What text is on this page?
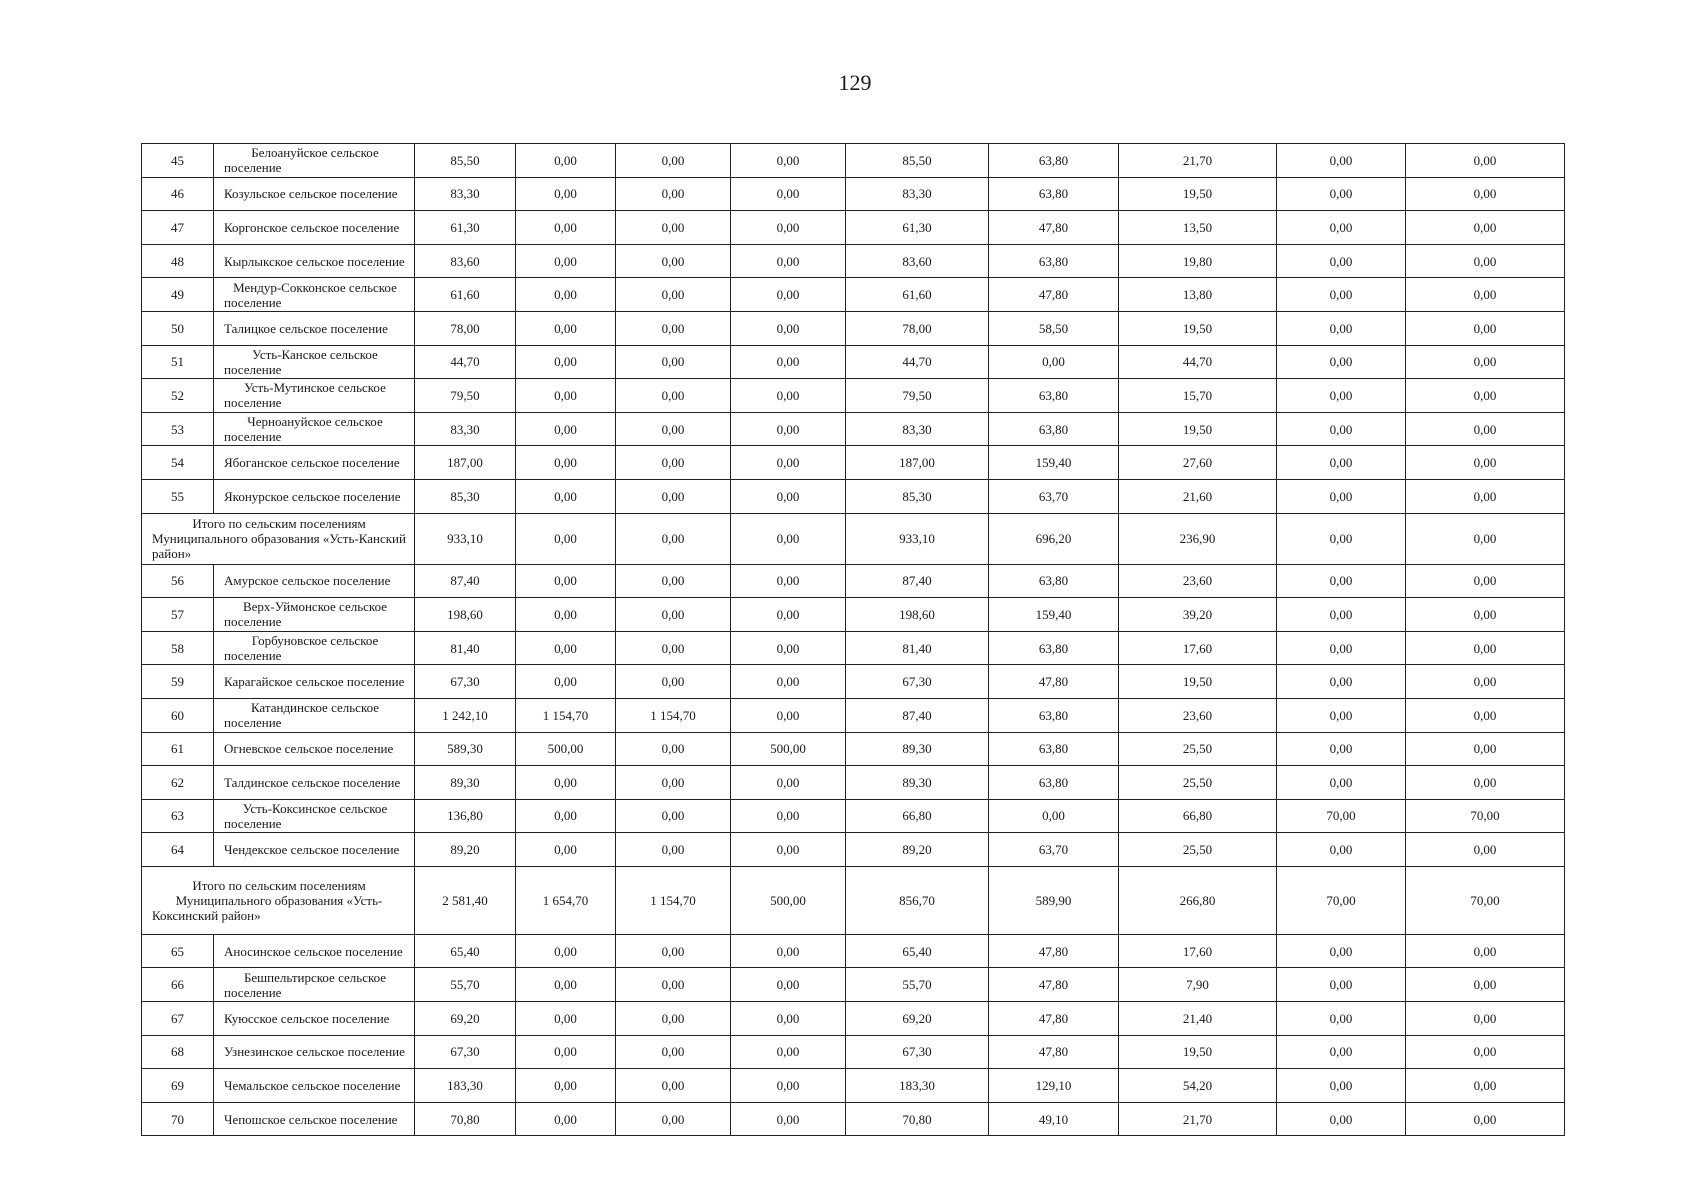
129
45	Белоануйское сельское поселение	85,50	0,00	0,00	0,00	85,50	63,80	21,70	0,00	0,00
46	Козульское сельское поселение	83,30	0,00	0,00	0,00	83,30	63,80	19,50	0,00	0,00
47	Коргонское сельское поселение	61,30	0,00	0,00	0,00	61,30	47,80	13,50	0,00	0,00
48	Кырлыкское сельское поселение	83,60	0,00	0,00	0,00	83,60	63,80	19,80	0,00	0,00
49	Мендур-Сокконское сельское поселение	61,60	0,00	0,00	0,00	61,60	47,80	13,80	0,00	0,00
50	Талицкое сельское поселение	78,00	0,00	0,00	0,00	78,00	58,50	19,50	0,00	0,00
51	Усть-Канское сельское поселение	44,70	0,00	0,00	0,00	44,70	0,00	44,70	0,00	0,00
52	Усть-Мутинское сельское поселение	79,50	0,00	0,00	0,00	79,50	63,80	15,70	0,00	0,00
53	Черноануйское сельское поселение	83,30	0,00	0,00	0,00	83,30	63,80	19,50	0,00	0,00
54	Ябоганское сельское поселение	187,00	0,00	0,00	0,00	187,00	159,40	27,60	0,00	0,00
55	Яконурское сельское поселение	85,30	0,00	0,00	0,00	85,30	63,70	21,60	0,00	0,00
Итого по сельским поселениям Муниципального образования «Усть-Канский район»		933,10	0,00	0,00	0,00	933,10	696,20	236,90	0,00	0,00
56	Амурское сельское поселение	87,40	0,00	0,00	0,00	87,40	63,80	23,60	0,00	0,00
57	Верх-Уймонское сельское поселение	198,60	0,00	0,00	0,00	198,60	159,40	39,20	0,00	0,00
58	Горбуновское сельское поселение	81,40	0,00	0,00	0,00	81,40	63,80	17,60	0,00	0,00
59	Карагайское сельское поселение	67,30	0,00	0,00	0,00	67,30	47,80	19,50	0,00	0,00
60	Катандинское сельское поселение	1 242,10	1 154,70	1 154,70	0,00	87,40	63,80	23,60	0,00	0,00
61	Огневское сельское поселение	589,30	500,00	0,00	500,00	89,30	63,80	25,50	0,00	0,00
62	Талдинское сельское поселение	89,30	0,00	0,00	0,00	89,30	63,80	25,50	0,00	0,00
63	Усть-Коксинское сельское поселение	136,80	0,00	0,00	0,00	66,80	0,00	66,80	70,00	70,00
64	Чендекское сельское поселение	89,20	0,00	0,00	0,00	89,20	63,70	25,50	0,00	0,00
Итого по сельским поселениям Муниципального образования «Усть-Коксинский район»		2 581,40	1 654,70	1 154,70	500,00	856,70	589,90	266,80	70,00	70,00
65	Аносинское сельское поселение	65,40	0,00	0,00	0,00	65,40	47,80	17,60	0,00	0,00
66	Бешпельтирское сельское поселение	55,70	0,00	0,00	0,00	55,70	47,80	7,90	0,00	0,00
67	Куюсское сельское поселение	69,20	0,00	0,00	0,00	69,20	47,80	21,40	0,00	0,00
68	Узнезинское сельское поселение	67,30	0,00	0,00	0,00	67,30	47,80	19,50	0,00	0,00
69	Чемальское сельское поселение	183,30	0,00	0,00	0,00	183,30	129,10	54,20	0,00	0,00
70	Чепошское сельское поселение	70,80	0,00	0,00	0,00	70,80	49,10	21,70	0,00	0,00
